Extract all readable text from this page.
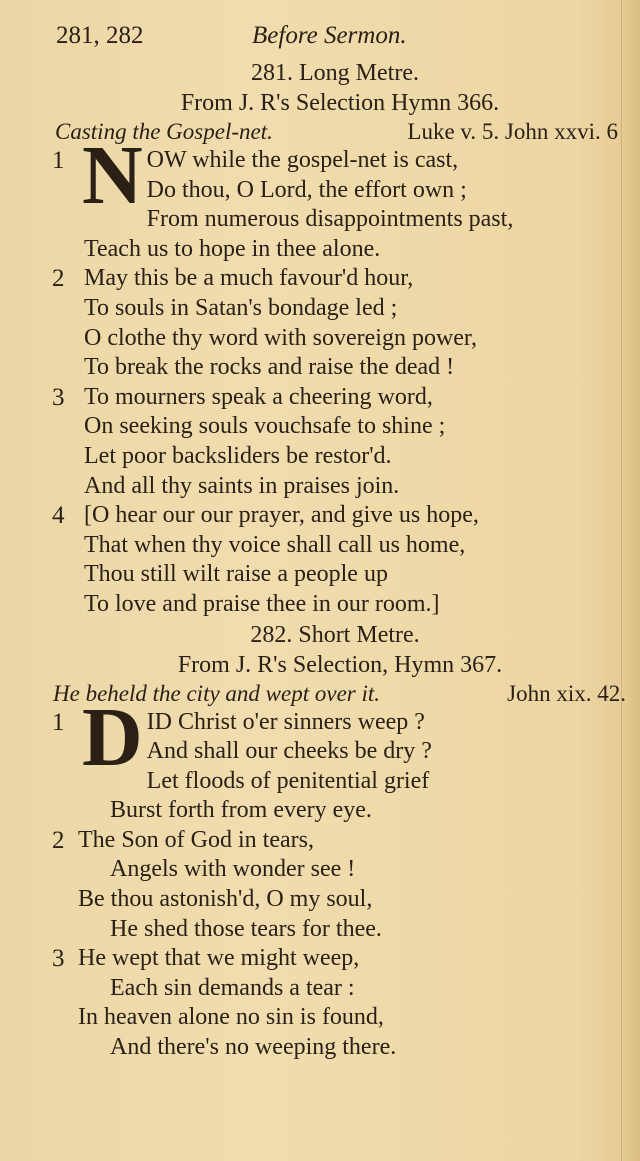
281, 282	Before Sermon.
281. Long Metre.
From J. R's Selection Hymn 366.
Casting the Gospel-net.	Luke v. 5. John xxvi. 6
1 N OW while the gospel-net is cast,
Do thou, O Lord, the effort own ;
From numerous disappointments past,
Teach us to hope in thee alone.
2 May this be a much favour'd hour,
To souls in Satan's bondage led ;
O clothe thy word with sovereign power,
To break the rocks and raise the dead !
3 To mourners speak a cheering word,
On seeking souls vouchsafe to shine ;
Let poor backsliders be restor'd.
And all thy saints in praises join.
4 [O hear our our prayer, and give us hope,
That when thy voice shall call us home,
Thou still wilt raise a people up
To love and praise thee in our room.]
282. Short Metre.
From J. R's Selection, Hymn 367.
He beheld the city and wept over it.	John xix. 42.
1 D ID Christ o'er sinners weep ?
And shall our cheeks be dry ?
Let floods of penitential grief
Burst forth from every eye.
2 The Son of God in tears,
Angels with wonder see !
Be thou astonish'd, O my soul,
He shed those tears for thee.
3 He wept that we might weep,
Each sin demands a tear :
In heaven alone no sin is found,
And there's no weeping there.
